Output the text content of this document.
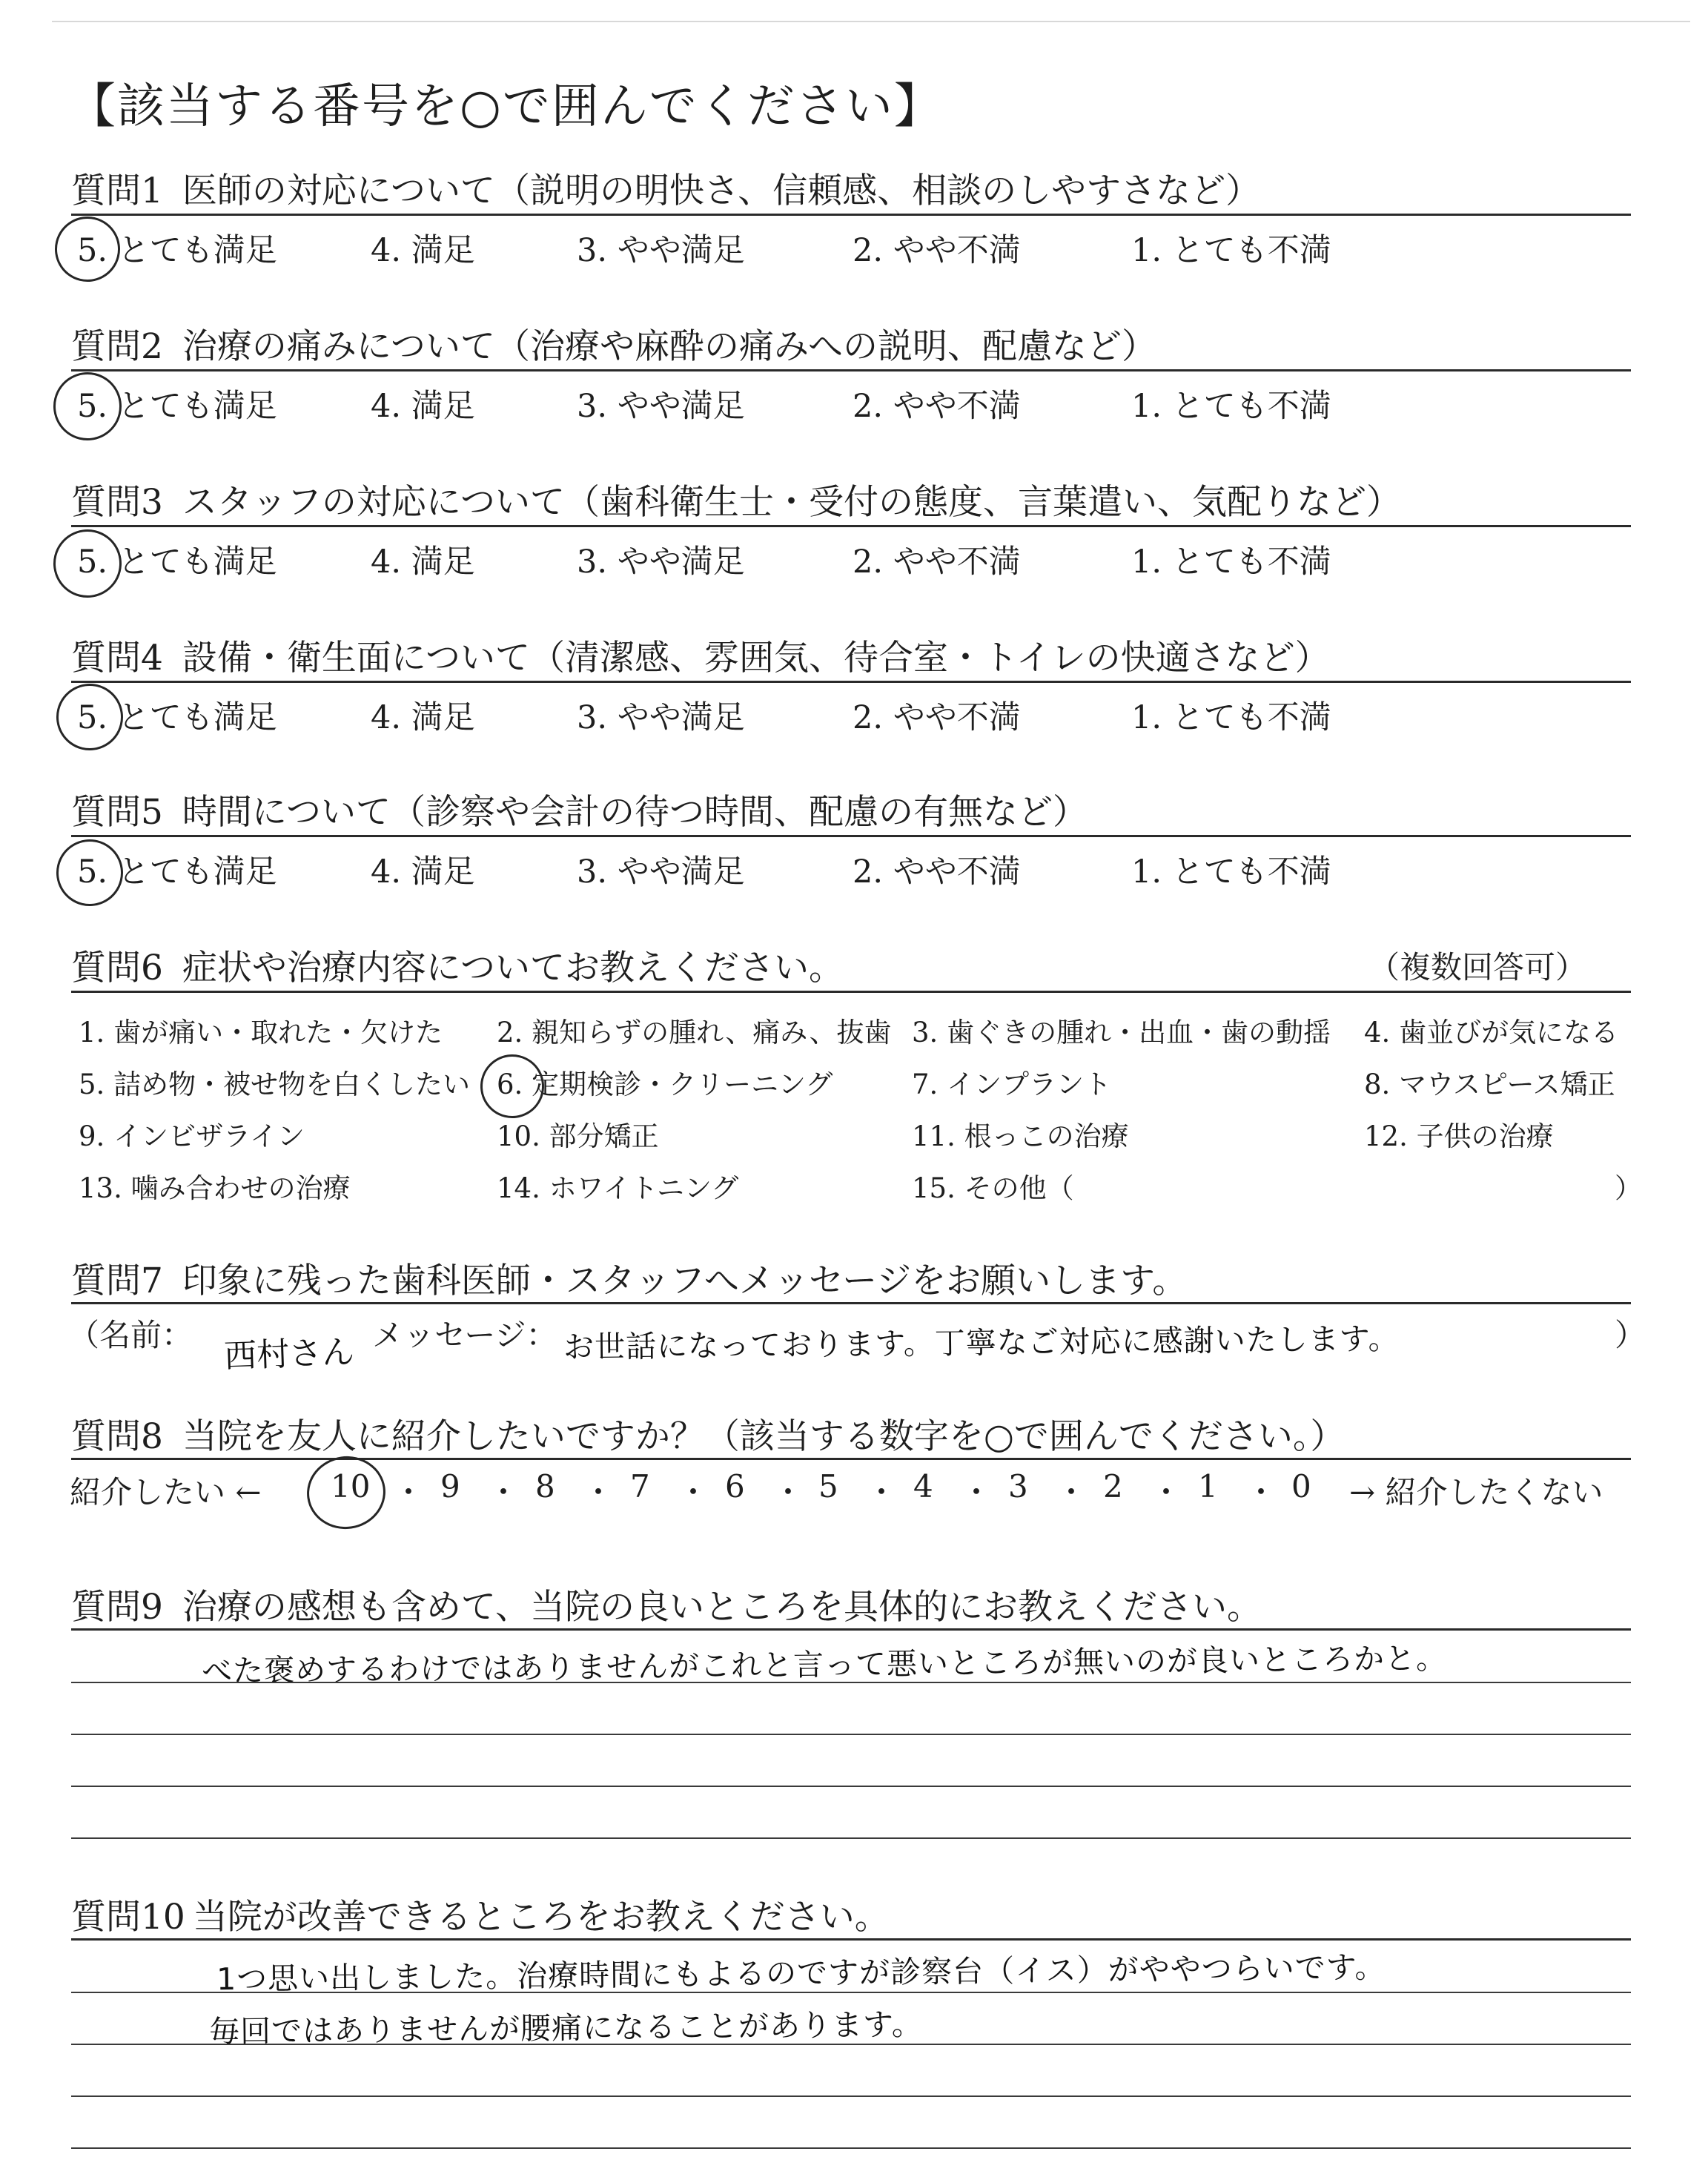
【該当する番号を○で囲んでください】
質問1 医師の対応について（説明の明快さ、信頼感、相談のしやすさなど）
5. とても満足	4. 満足	3. やや満足	2. やや不満	1. とても不満
質問2 治療の痛みについて（治療や麻酔の痛みへの説明、配慮など）
5. とても満足	4. 満足	3. やや満足	2. やや不満	1. とても不満
質問3 スタッフの対応について（歯科衛生士・受付の態度、言葉遣い、気配りなど）
5. とても満足	4. 満足	3. やや満足	2. やや不満	1. とても不満
質問4 設備・衛生面について（清潔感、雰囲気、待合室・トイレの快適さなど）
5. とても満足	4. 満足	3. やや満足	2. やや不満	1. とても不満
質問5 時間について（診察や会計の待つ時間、配慮の有無など）
5. とても満足	4. 満足	3. やや満足	2. やや不満	1. とても不満
質問6 症状や治療内容についてお教えください。	（複数回答可）
1. 歯が痛い・取れた・欠けた 2. 親知らずの腫れ、痛み、抜歯 3. 歯ぐきの腫れ・出血・歯の動揺 4. 歯並びが気になる
5. 詰め物・被せ物を白くしたい 6. 定期検診・クリーニング	7. インプラント	8. マウスピース矯正
9. インビザライン	10. 部分矯正	11. 根っこの治療	12. 子供の治療
13. 噛み合わせの治療	14. ホワイトニング	15. その他（	）
質問7 印象に残った歯科医師・スタッフへメッセージをお願いします。
（名前： 西村さん メッセージ： お世話になっております。丁寧なご対応に感謝いたします。	）
質問8 当院を友人に紹介したいですか？（該当する数字を○で囲んでください。）
紹介したい ← 10 ・ 9 ・ 8 ・ 7 ・ 6 ・ 5 ・ 4 ・ 3 ・ 2 ・ 1 ・ 0 → 紹介したくない
質問9 治療の感想も含めて、当院の良いところを具体的にお教えください。
べた褒めするわけではありませんがこれと言って悪いところが無いのが良いところかと。
質問10 当院が改善できるところをお教えください。
1つ思い出しました。治療時間にもよるのですが診察台（イス）がややつらいです。
毎回ではありませんが腰痛になることがあります。
